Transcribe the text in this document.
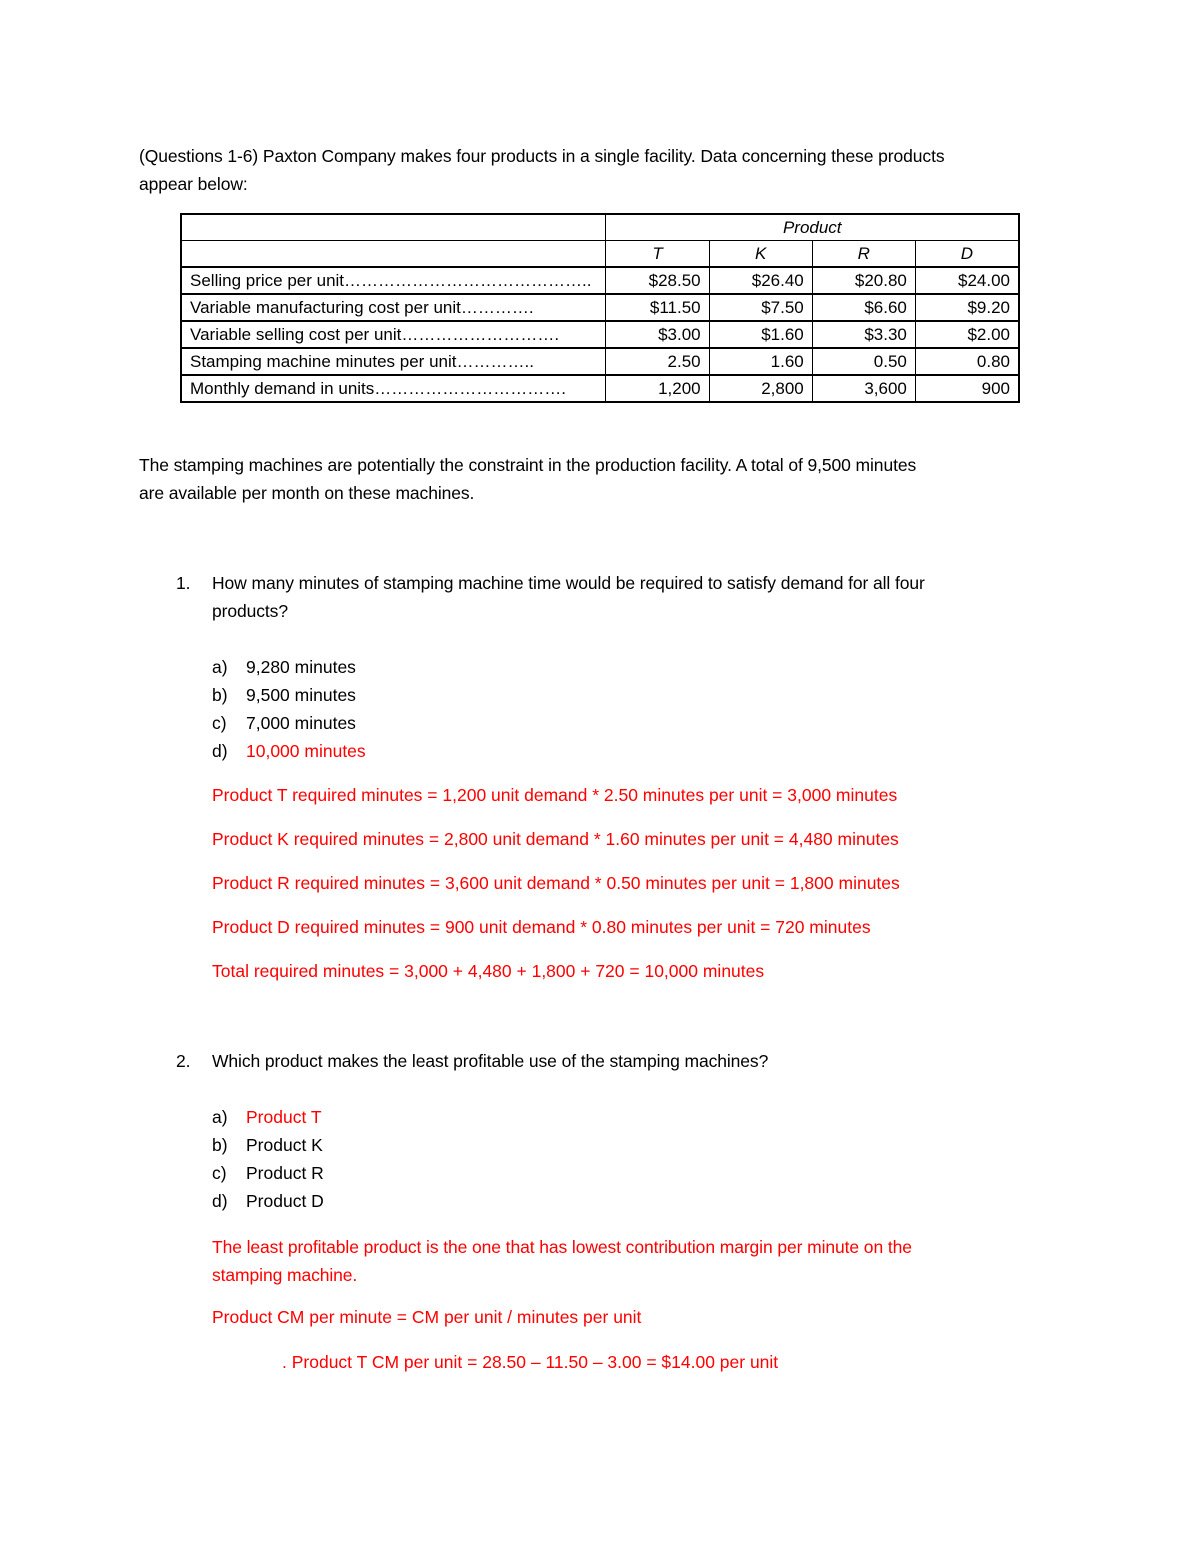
(Questions 1-6) Paxton Company makes four products in a single facility. Data concerning these products
appear below:
	Product			
	T	K	R	D
Selling price per unit……………………………………..	$28.50	$26.40	$20.80	$24.00
Variable manufacturing cost per unit………….	$11.50	$7.50	$6.60	$9.20
Variable selling cost per unit……………………….	$3.00	$1.60	$3.30	$2.00
Stamping machine minutes per unit…………..	2.50	1.60	0.50	0.80
Monthly demand in units…………………………….	1,200	2,800	3,600	900
The stamping machines are potentially the constraint in the production facility. A total of 9,500 minutes
are available per month on these machines.
1. How many minutes of stamping machine time would be required to satisfy demand for all four
products?
a) 9,280 minutes
b) 9,500 minutes
c) 7,000 minutes
d) 10,000 minutes
Product T required minutes = 1,200 unit demand * 2.50 minutes per unit = 3,000 minutes
Product K required minutes = 2,800 unit demand * 1.60 minutes per unit = 4,480 minutes
Product R required minutes = 3,600 unit demand * 0.50 minutes per unit = 1,800 minutes
Product D required minutes = 900 unit demand * 0.80 minutes per unit = 720 minutes
Total required minutes = 3,000 + 4,480 + 1,800 + 720 = 10,000 minutes
2. Which product makes the least profitable use of the stamping machines?
a) Product T
b) Product K
c) Product R
d) Product D
The least profitable product is the one that has lowest contribution margin per minute on the
stamping machine.
Product CM per minute = CM per unit / minutes per unit
. Product T CM per unit = 28.50 – 11.50 – 3.00 = $14.00 per unit
